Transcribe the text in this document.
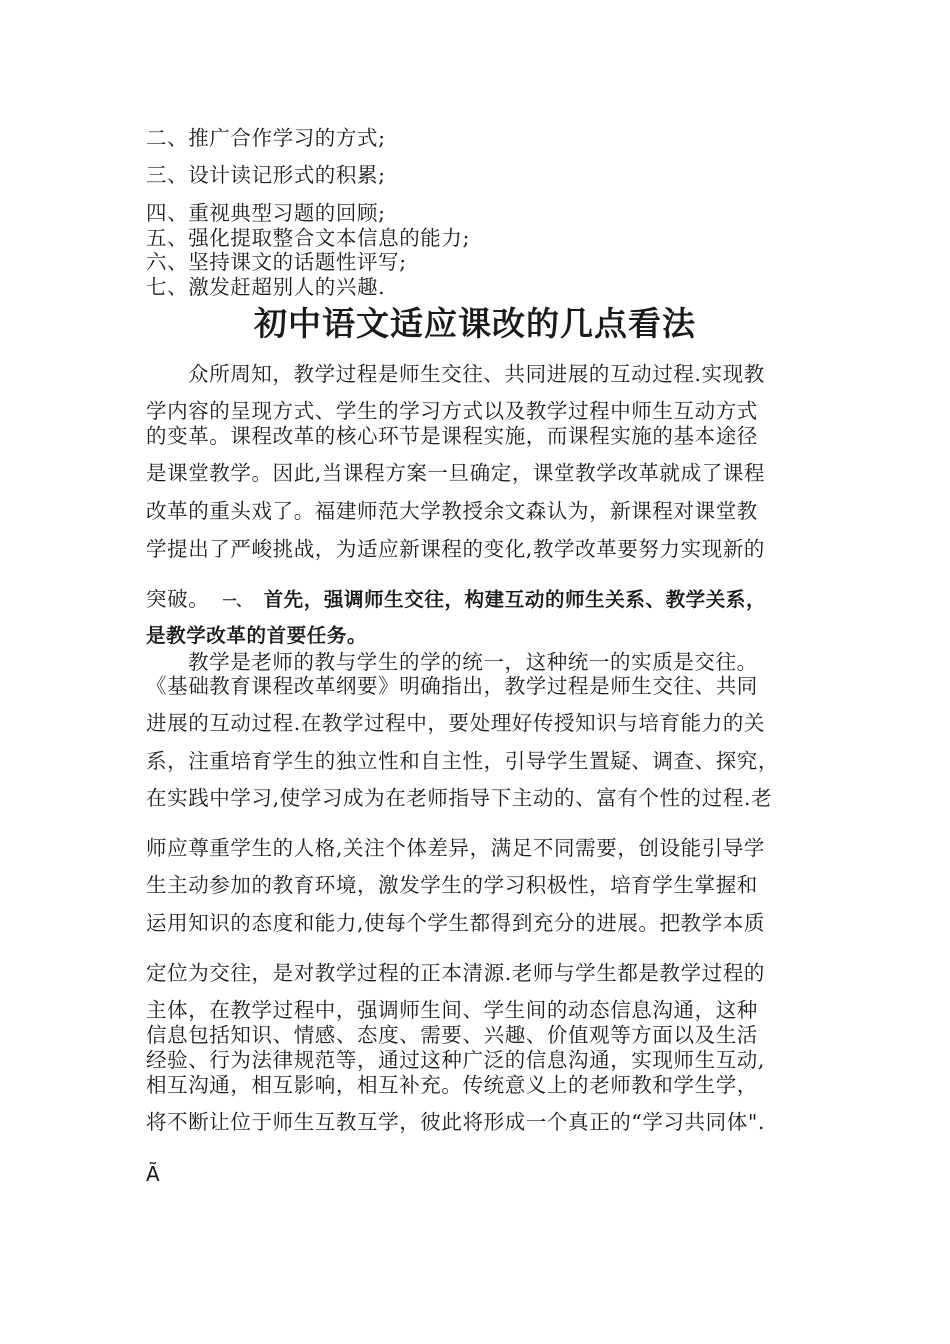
二、推广合作学习的方式;
三、设计读记形式的积累;
四、重视典型习题的回顾;
五、强化提取整合文本信息的能力;
六、坚持课文的话题性评写;
七、激发赶超别人的兴趣.
初中语文适应课改的几点看法
众所周知，教学过程是师生交往、共同进展的互动过程.实现教
学内容的呈现方式、学生的学习方式以及教学过程中师生互动方式
的变革。课程改革的核心环节是课程实施，而课程实施的基本途径
是课堂教学。因此,当课程方案一旦确定，课堂教学改革就成了课程
改革的重头戏了。福建师范大学教授余文森认为，新课程对课堂教
学提出了严峻挑战，为适应新课程的变化,教学改革要努力实现新的
突破。 一、 首先，强调师生交往，构建互动的师生关系、教学关系，
是教学改革的首要任务。
教学是老师的教与学生的学的统一，这种统一的实质是交往。
《基础教育课程改革纲要》明确指出，教学过程是师生交往、共同
进展的互动过程.在教学过程中，要处理好传授知识与培育能力的关
系，注重培育学生的独立性和自主性，引导学生置疑、调查、探究，
在实践中学习,使学习成为在老师指导下主动的、富有个性的过程.老
师应尊重学生的人格,关注个体差异，满足不同需要，创设能引导学
生主动参加的教育环境，激发学生的学习积极性，培育学生掌握和
运用知识的态度和能力,使每个学生都得到充分的进展。把教学本质
定位为交往，是对教学过程的正本清源.老师与学生都是教学过程的
主体，在教学过程中，强调师生间、学生间的动态信息沟通，这种
信息包括知识、情感、态度、需要、兴趣、价值观等方面以及生活
经验、行为法律规范等，通过这种广泛的信息沟通，实现师生互动,
相互沟通，相互影响，相互补充。传统意义上的老师教和学生学，
将不断让位于师生互教互学，彼此将形成一个真正的“学习共同体".
Ã
